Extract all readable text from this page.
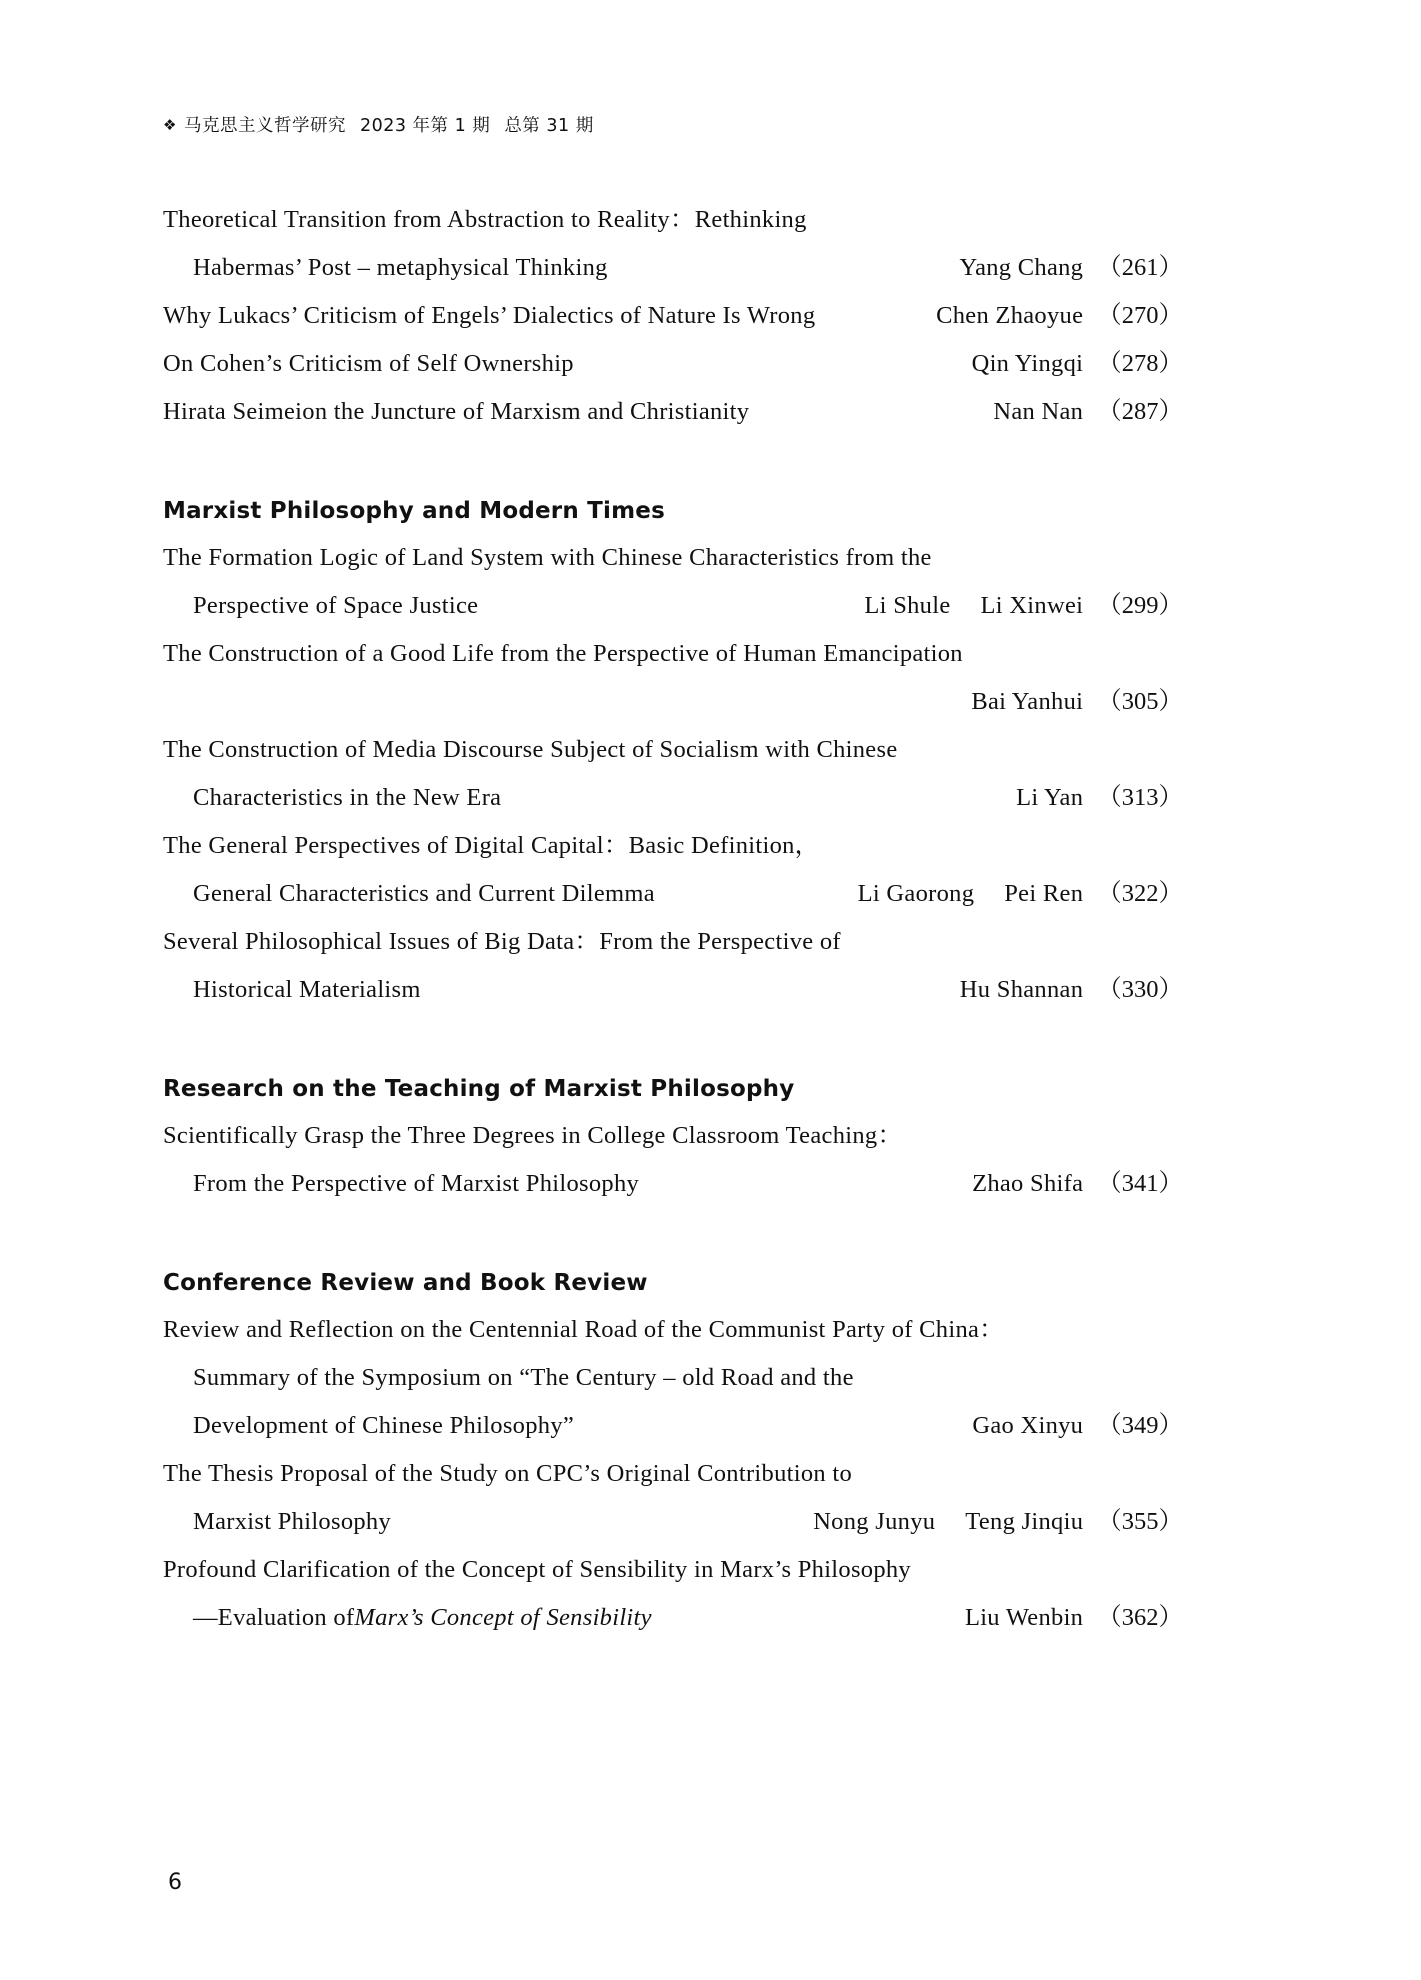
❖ 马克思主义哲学研究 2023 年第 1 期 总第 31 期
Theoretical Transition from Abstraction to Reality：Rethinking
Habermas’ Post – metaphysical Thinking	Yang Chang （261）
Why Lukacs’ Criticism of Engels’ Dialectics of Nature Is Wrong	Chen Zhaoyue （270）
On Cohen’s Criticism of Self Ownership	Qin Yingqi （278）
Hirata Seimeion the Juncture of Marxism and Christianity	Nan Nan （287）
Marxist Philosophy and Modern Times
The Formation Logic of Land System with Chinese Characteristics from the
Perspective of Space Justice	Li Shule Li Xinwei （299）
The Construction of a Good Life from the Perspective of Human Emancipation
Bai Yanhui （305）
The Construction of Media Discourse Subject of Socialism with Chinese
Characteristics in the New Era	Li Yan （313）
The General Perspectives of Digital Capital：Basic Definition，
General Characteristics and Current Dilemma	Li Gaorong Pei Ren （322）
Several Philosophical Issues of Big Data：From the Perspective of
Historical Materialism	Hu Shannan （330）
Research on the Teaching of Marxist Philosophy
Scientifically Grasp the Three Degrees in College Classroom Teaching：
From the Perspective of Marxist Philosophy	Zhao Shifa （341）
Conference Review and Book Review
Review and Reflection on the Centennial Road of the Communist Party of China：
Summary of the Symposium on “The Century – old Road and the
Development of Chinese Philosophy”	Gao Xinyu （349）
The Thesis Proposal of the Study on CPC’s Original Contribution to
Marxist Philosophy	Nong Junyu Teng Jinqiu （355）
Profound Clarification of the Concept of Sensibility in Marx’s Philosophy
—Evaluation ofMarx’s Concept of Sensibility	Liu Wenbin （362）
6
